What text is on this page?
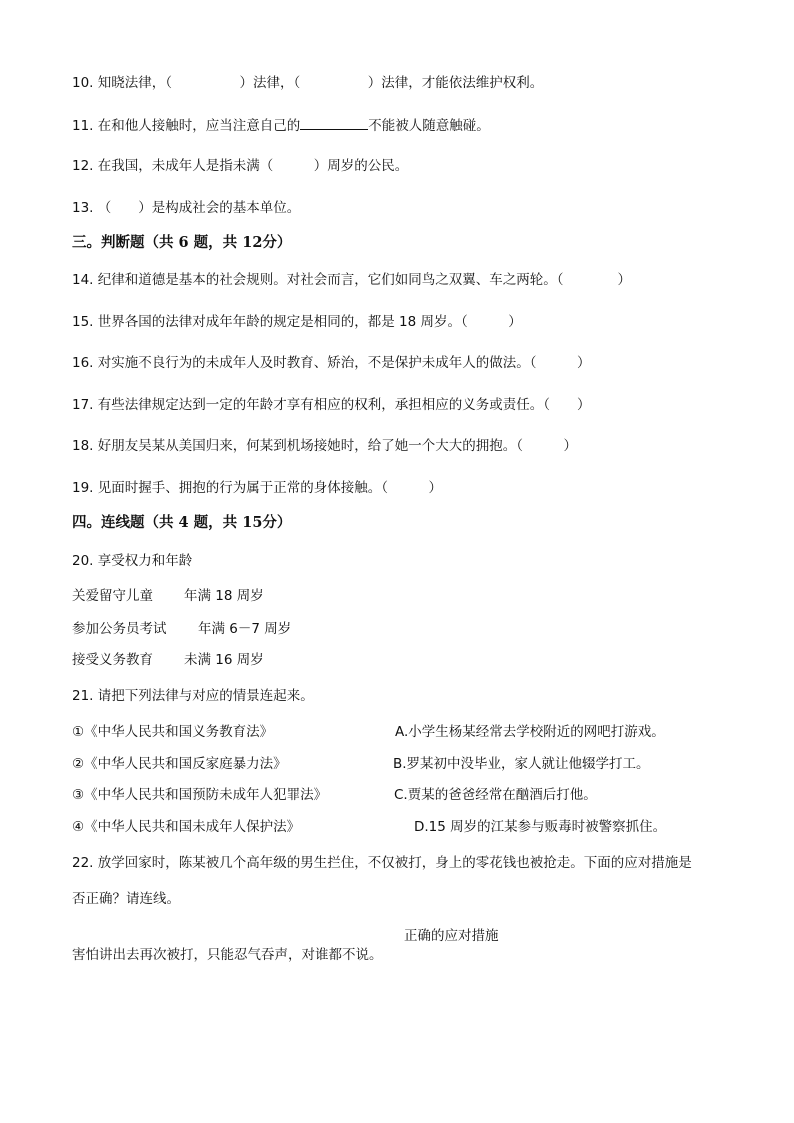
10. 知晓法律，（　　　　　）法律，（　　　　　）法律，才能依法维护权利。
11. 在和他人接触时，应当注意自己的	不能被人随意触碰。
12. 在我国，未成年人是指未满（　　　）周岁的公民。
13. （　　）是构成社会的基本单位。
三。判断题（共 6 题，共 12分）
14. 纪律和道德是基本的社会规则。对社会而言，它们如同鸟之双翼、车之两轮。（　　　　）
15. 世界各国的法律对成年年龄的规定是相同的，都是 18 周岁。（　　　）
16. 对实施不良行为的未成年人及时教育、矫治，不是保护未成年人的做法。（　　　）
17. 有些法律规定达到一定的年龄才享有相应的权利，承担相应的义务或责任。（　　）
18. 好朋友吴某从美国归来，何某到机场接她时，给了她一个大大的拥抱。（　　　）
19. 见面时握手、拥抱的行为属于正常的身体接触。（　　　）
四。连线题（共 4 题，共 15分）
20. 享受权力和年龄
关爱留守儿童 年满 18 周岁
参加公务员考试 年满 6－7 周岁
接受义务教育 未满 16 周岁
21. 请把下列法律与对应的情景连起来。
①《中华人民共和国义务教育法》	A.小学生杨某经常去学校附近的网吧打游戏。
②《中华人民共和国反家庭暴力法》	B.罗某初中没毕业，家人就让他辍学打工。
③《中华人民共和国预防未成年人犯罪法》	C.贾某的爸爸经常在酗酒后打他。
④《中华人民共和国未成年人保护法》	D.15 周岁的江某参与贩毒时被警察抓住。
22. 放学回家时，陈某被几个高年级的男生拦住，不仅被打，身上的零花钱也被抢走。下面的应对措施是
否正确？请连线。
正确的应对措施
害怕讲出去再次被打，只能忍气吞声，对谁都不说。
